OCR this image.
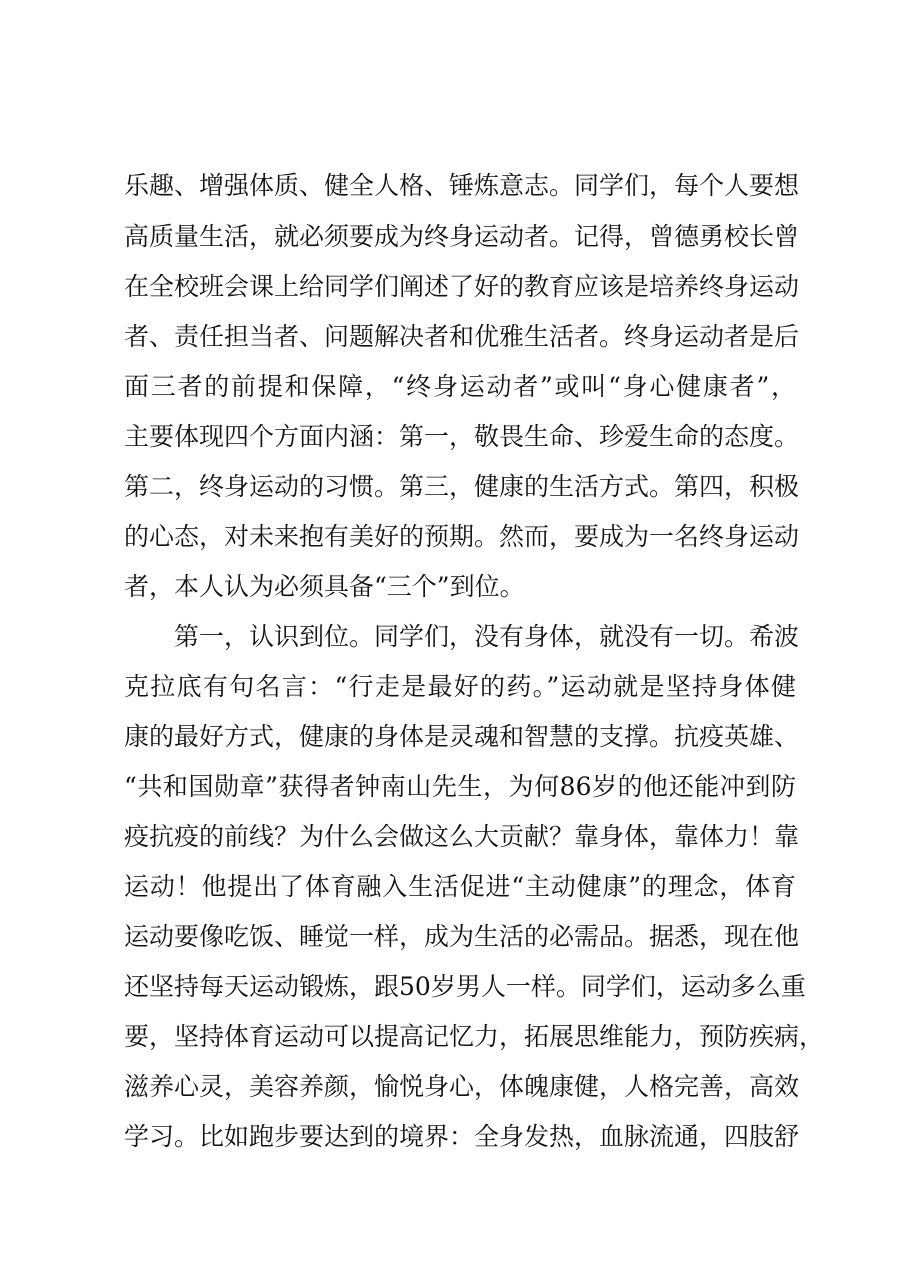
乐趣、增强体质、健全人格、锤炼意志。同学们，每个人要想
高质量生活，就必须要成为终身运动者。记得，曾德勇校长曾
在全校班会课上给同学们阐述了好的教育应该是培养终身运动
者、责任担当者、问题解决者和优雅生活者。终身运动者是后
面三者的前提和保障，“终身运动者”或叫“身心健康者”，
主要体现四个方面内涵：第一，敬畏生命、珍爱生命的态度。
第二，终身运动的习惯。第三，健康的生活方式。第四，积极
的心态，对未来抱有美好的预期。然而，要成为一名终身运动
者，本人认为必须具备“三个”到位。
第一，认识到位。同学们，没有身体，就没有一切。希波
克拉底有句名言：“行走是最好的药。”运动就是坚持身体健
康的最好方式，健康的身体是灵魂和智慧的支撑。抗疫英雄、
“共和国勋章”获得者钟南山先生，为何86岁的他还能冲到防
疫抗疫的前线？为什么会做这么大贡献？靠身体，靠体力！靠
运动！他提出了体育融入生活促进“主动健康”的理念，体育
运动要像吃饭、睡觉一样，成为生活的必需品。据悉，现在他
还坚持每天运动锻炼，跟50岁男人一样。同学们，运动多么重
要，坚持体育运动可以提高记忆力，拓展思维能力，预防疾病，
滋养心灵，美容养颜，愉悦身心，体魄康健，人格完善，高效
学习。比如跑步要达到的境界：全身发热，血脉流通，四肢舒
